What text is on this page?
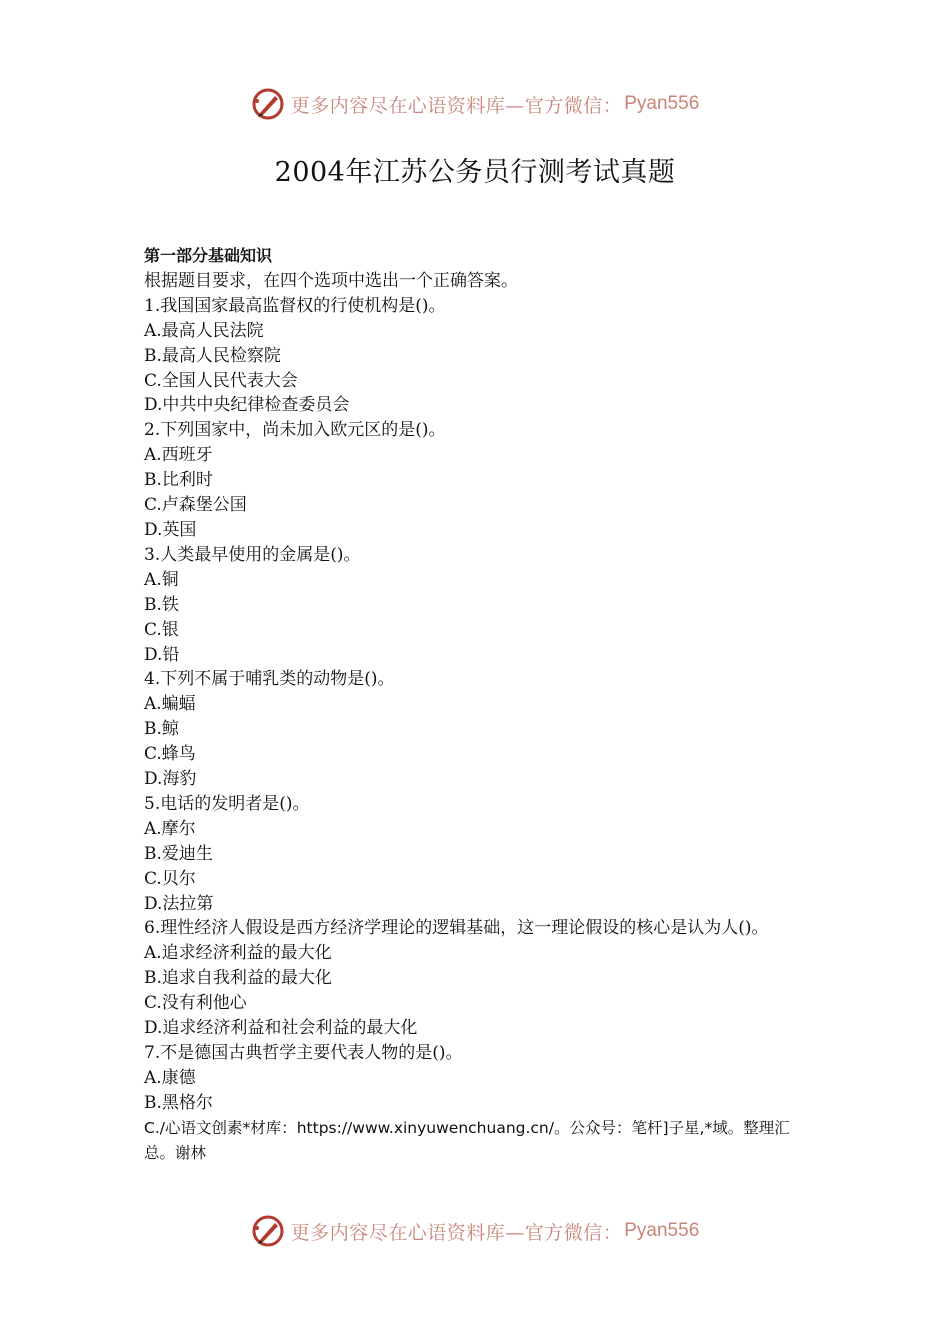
更多内容尽在心语资料库—官方微信： Pyan556
2004年江苏公务员行测考试真题
第一部分基础知识
根据题目要求，在四个选项中选出一个正确答案。
1.我国国家最高监督权的行使机构是()。
A.最高人民法院
B.最高人民检察院
C.全国人民代表大会
D.中共中央纪律检查委员会
2.下列国家中，尚未加入欧元区的是()。
A.西班牙
B.比利时
C.卢森堡公国
D.英国
3.人类最早使用的金属是()。
A.铜
B.铁
C.银
D.铅
4.下列不属于哺乳类的动物是()。
A.蝙蝠
B.鲸
C.蜂鸟
D.海豹
5.电话的发明者是()。
A.摩尔
B.爱迪生
C.贝尔
D.法拉第
6.理性经济人假设是西方经济学理论的逻辑基础，这一理论假设的核心是认为人()。
A.追求经济利益的最大化
B.追求自我利益的最大化
C.没有利他心
D.追求经济利益和社会利益的最大化
7.不是德国古典哲学主要代表人物的是()。
A.康德
B.黑格尔
C./心语文创素*材库：https://www.xinyuwenchuang.cn/。公众号：笔杆]子星,*域。整理汇总。谢林
更多内容尽在心语资料库—官方微信： Pyan556
